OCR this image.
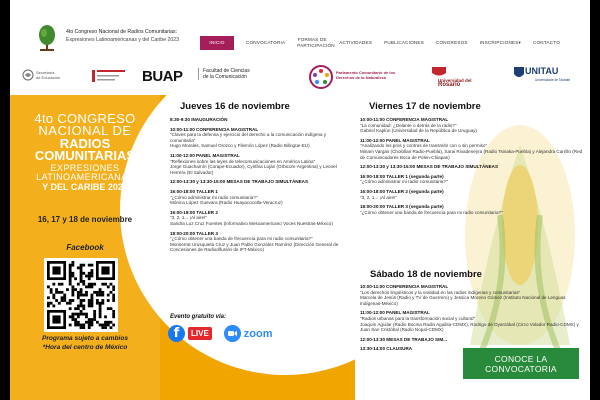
4to Congreso Nacional de Radios Comunitarias:
Expresiones Latinoamericanas y del Caribe 2023	INICIO	CONVOCATORIA
FORMAS DE PARTICIPACIÓN
ACTIVIDADES	PUBLICACIONES	CONGRESOS	INSCRIPCIONES▾	CONTACTO
Secretaría
de Educación	BUAP	Facultad de Ciencias
de la Comunicación
Parlamento Comunitario de los
Derechos de la Naturaleza
Universidad del
Rosario
UNITAU
Universidade de Taubaté
4to CONGRESO
NACIONAL DE
RADIOS
COMUNITARIAS
EXPRESIONES
LATINOAMERICANAS
Y DEL CARIBE 2023
16, 17 y 18 de noviembre
Facebook
Programa sujeto a cambios
*Hora del centro de México
Jueves 16 de noviembre
8:30-9:30 INAUGURACIÓN
10:00-11:00 CONFERENCIA MAGISTRAL
"Claves para la defensa y ejercicio del derecho a la comunicación indígena y comunitaria"
Hugo Morales, Samuel Orozco y Filemón López (Radio Bilingüe-EU)
11:00-12:00 PANEL MAGISTRAL
"Reflexiones sobre las leyes de telecomunicaciones en América Latina"
Jorge Guachamín (Corape-Ecuador), Cynthia Luján (Orbicom-Argentina) y Leonel Herrera (El Salvador)
12:00-13:30 y 13:30-15:00 MESAS DE TRABAJO SIMULTÁNEAS
16:00-18:00 TALLER 1
"¿Cómo administrar mi radio comunitaria?"
Mónica López Guevara (Radio Huayacocotla-Veracruz)
16:00-18:00 TALLER 2
"3, 2, 1... ¡Al aire!"
Sandra Luz Cruz Fuentes (Informativo Mesoamericano Voces Nuestras-México)
18:00-20:00 TALLER 3
"¿Cómo obtener una banda de frecuencia para mi radio comunitaria?"
Monserrat Urusquieta Cruz y Juan Pablo González Ramírez (Dirección General de Concesiones de Radiodifusión de IFT-México)
Viernes 17 de noviembre
10:00-11:00 CONFERENCIA MAGISTRAL
"La comunidad: ¿Delante o detrás de la radio?"
Gabriel Kaplún (Universidad de la República de Uruguay)
11:00-12:00 PANEL MAGISTRAL
"Analizando los pros y contras de transmitir con o sin permiso"
Miriam Vargas (Cholollan Radio-Puebla), Sarai Rivadeneyra (Radio Tsinaka-Puebla) y Alejandra Carrillo (Red de Comunicadores Boca de Polen-Chiapas)
12:00-13:30 y 13:30-15:00 MESAS DE TRABAJO SIMULTÁNEAS
16:00-18:00 TALLER 1 (segunda parte)
"¿Cómo administrar mi radio comunitaria?"
16:00-18:00 TALLER 2 (segunda parte)
"3, 2, 1... ¡Al aire!"
18:00-20:00 TALLER 3 (segunda parte)
"¿Cómo obtener una banda de frecuencia para mi radio comunitaria?"
Sábado 18 de noviembre
10:00-11:00 CONFERENCIA MAGISTRAL
"Los derechos lingüísticos y la oralidad en las radios indígenas y comunitarias"
Marcela de Jesús (Radio y TV de Guerrero) y Jessica Moreno Gómez (Instituto Nacional de Lenguas Indígenas-México)
11:00-12:00 PANEL MAGISTRAL
"Radios urbanas para la transformación social y cultural"
Joaquín Aguilar (Radio Bocina Radio Aguilita-CDMX), Rodrigo de Oyarzábal (Circo Volador Radio-CDMX) y Juan San Cristóbal (Radio Nopal-CDMX)
12:00-13:30 MESAS DE TRABAJO SIM...
13:30-14:00 CLAUSURA
Evento gratuito vía:
f	LIVE	zoom
CONOCE LA
CONVOCATORIA
